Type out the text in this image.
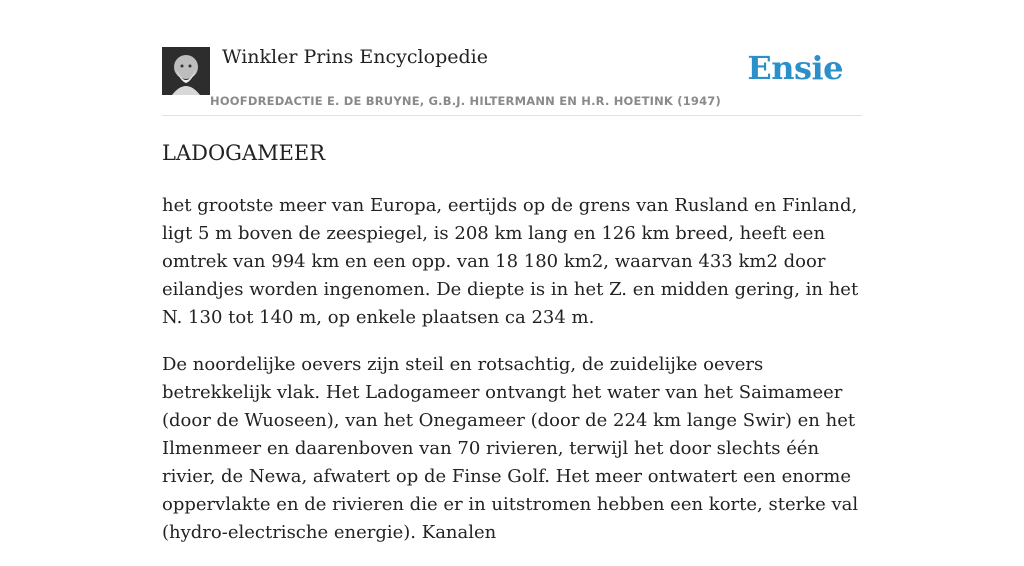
Winkler Prins Encyclopedie
HOOFDREDACTIE E. DE BRUYNE, G.B.J. HILTERMANN EN H.R. HOETINK (1947)
Ensie
LADOGAMEER

het grootste meer van Europa, eertijds op de grens van Rusland en Finland, ligt 5 m boven de zeespiegel, is 208 km lang en 126 km breed, heeft een omtrek van 994 km en een opp. van 18 180 km2, waarvan 433 km2 door eilandjes worden ingenomen. De diepte is in het Z. en midden gering, in het N. 130 tot 140 m, op enkele plaatsen ca 234 m.

De noordelijke oevers zijn steil en rotsachtig, de zuidelijke oevers betrekkelijk vlak. Het Ladogameer ontvangt het water van het Saimameer (door de Wuoseen), van het Onegameer (door de 224 km lange Swir) en het Ilmenmeer en daarenboven van 70 rivieren, terwijl het door slechts één rivier, de Newa, afwatert op de Finse Golf. Het meer ontwatert een enorme oppervlakte en de rivieren die er in uitstromen hebben een korte, sterke val (hydro-electrische energie). Kanalen
